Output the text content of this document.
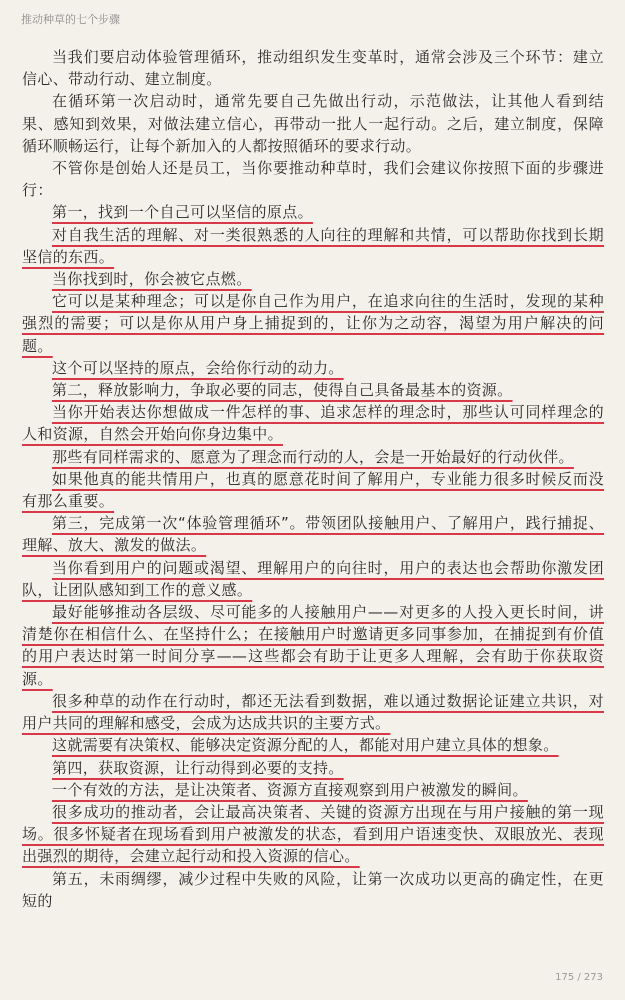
推动种草的七个步骤

当我们要启动体验管理循环，推动组织发生变革时，通常会涉及三个环节：建立信心、带动行动、建立制度。

在循环第一次启动时，通常先要自己先做出行动，示范做法，让其他人看到结果、感知到效果，对做法建立信心，再带动一批人一起行动。之后，建立制度，保障循环顺畅运行，让每个新加入的人都按照循环的要求行动。

不管你是创始人还是员工，当你要推动种草时，我们会建议你按照下面的步骤进行：

第一，找到一个自己可以坚信的原点。

对自我生活的理解、对一类很熟悉的人向往的理解和共情，可以帮助你找到长期坚信的东西。

当你找到时，你会被它点燃。

它可以是某种理念；可以是你自己作为用户，在追求向往的生活时，发现的某种强烈的需要；可以是你从用户身上捕捉到的，让你为之动容，渴望为用户解决的问题。

这个可以坚持的原点，会给你行动的动力。

第二，释放影响力，争取必要的同志，使得自己具备最基本的资源。

当你开始表达你想做成一件怎样的事、追求怎样的理念时，那些认可同样理念的人和资源，自然会开始向你身边集中。

那些有同样需求的、愿意为了理念而行动的人，会是一开始最好的行动伙伴。

如果他真的能共情用户，也真的愿意花时间了解用户，专业能力很多时候反而没有那么重要。

第三，完成第一次“体验管理循环”。带领团队接触用户、了解用户，践行捕捉、理解、放大、激发的做法。

当你看到用户的问题或渴望、理解用户的向往时，用户的表达也会帮助你激发团队，让团队感知到工作的意义感。

最好能够推动各层级、尽可能多的人接触用户——对更多的人投入更长时间，讲清楚你在相信什么、在坚持什么；在接触用户时邀请更多同事参加，在捕捉到有价值的用户表达时第一时间分享——这些都会有助于让更多人理解，会有助于你获取资源。

很多种草的动作在行动时，都还无法看到数据，难以通过数据论证建立共识，对用户共同的理解和感受，会成为达成共识的主要方式。

这就需要有决策权、能够决定资源分配的人，都能对用户建立具体的想象。

第四，获取资源，让行动得到必要的支持。

一个有效的方法，是让决策者、资源方直接观察到用户被激发的瞬间。

很多成功的推动者，会让最高决策者、关键的资源方出现在与用户接触的第一现场。很多怀疑者在现场看到用户被激发的状态，看到用户语速变快、双眼放光、表现出强烈的期待，会建立起行动和投入资源的信心。

第五，未雨绸缪，减少过程中失败的风险，让第一次成功以更高的确定性，在更短的

175 / 273
